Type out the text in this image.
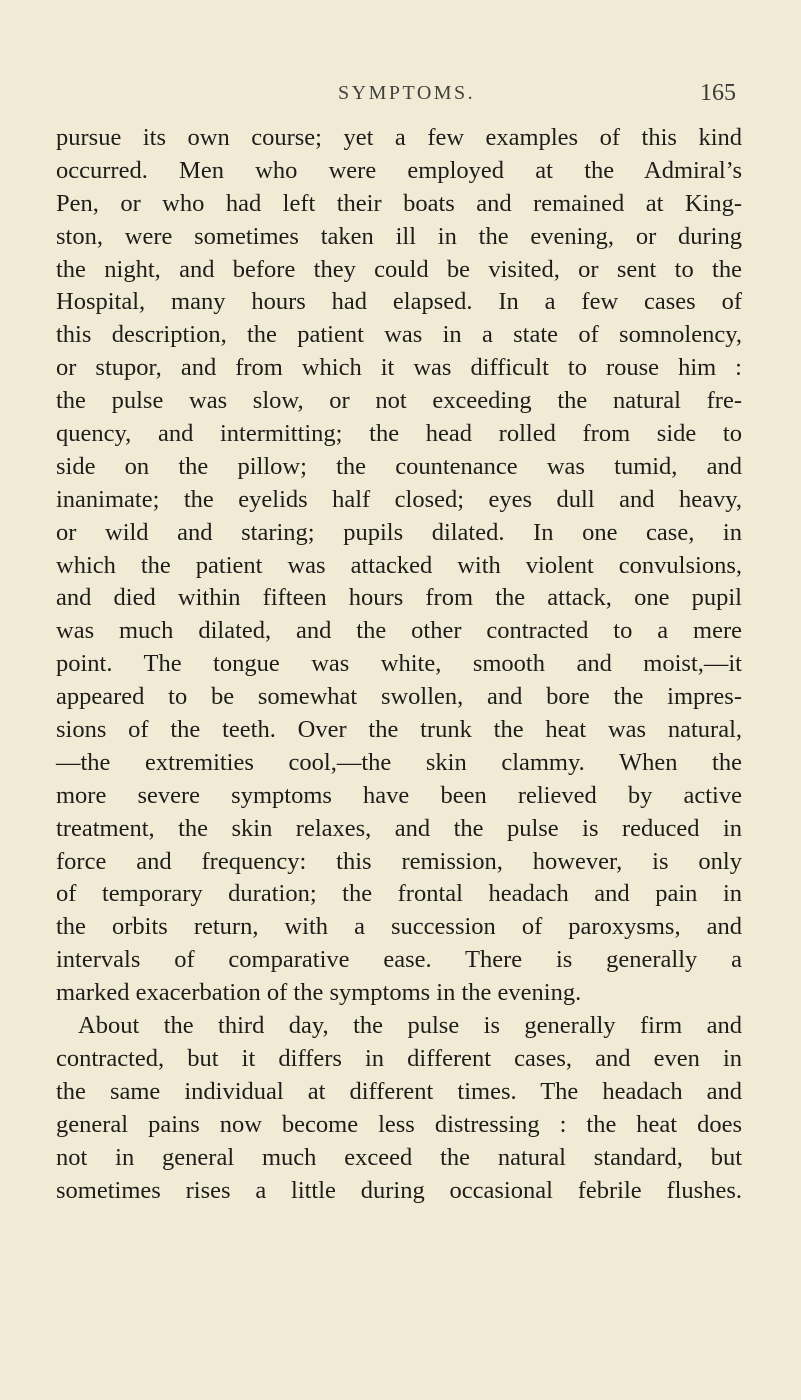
SYMPTOMS.	165
pursue its own course; yet a few examples of this kind
occurred. Men who were employed at the Admiral’s
Pen, or who had left their boats and remained at King-
ston, were sometimes taken ill in the evening, or during
the night, and before they could be visited, or sent to the
Hospital, many hours had elapsed. In a few cases of
this description, the patient was in a state of somnolency,
or stupor, and from which it was difficult to rouse him :
the pulse was slow, or not exceeding the natural fre-
quency, and intermitting; the head rolled from side to
side on the pillow; the countenance was tumid, and
inanimate; the eyelids half closed; eyes dull and heavy,
or wild and staring; pupils dilated. In one case, in
which the patient was attacked with violent convulsions,
and died within fifteen hours from the attack, one pupil
was much dilated, and the other contracted to a mere
point. The tongue was white, smooth and moist,—it
appeared to be somewhat swollen, and bore the impres-
sions of the teeth. Over the trunk the heat was natural,
—the extremities cool,—the skin clammy. When the
more severe symptoms have been relieved by active
treatment, the skin relaxes, and the pulse is reduced in
force and frequency: this remission, however, is only
of temporary duration; the frontal headach and pain in
the orbits return, with a succession of paroxysms, and
intervals of comparative ease. There is generally a
marked exacerbation of the symptoms in the evening.
About the third day, the pulse is generally firm and
contracted, but it differs in different cases, and even in
the same individual at different times. The headach and
general pains now become less distressing : the heat does
not in general much exceed the natural standard, but
sometimes rises a little during occasional febrile flushes.
